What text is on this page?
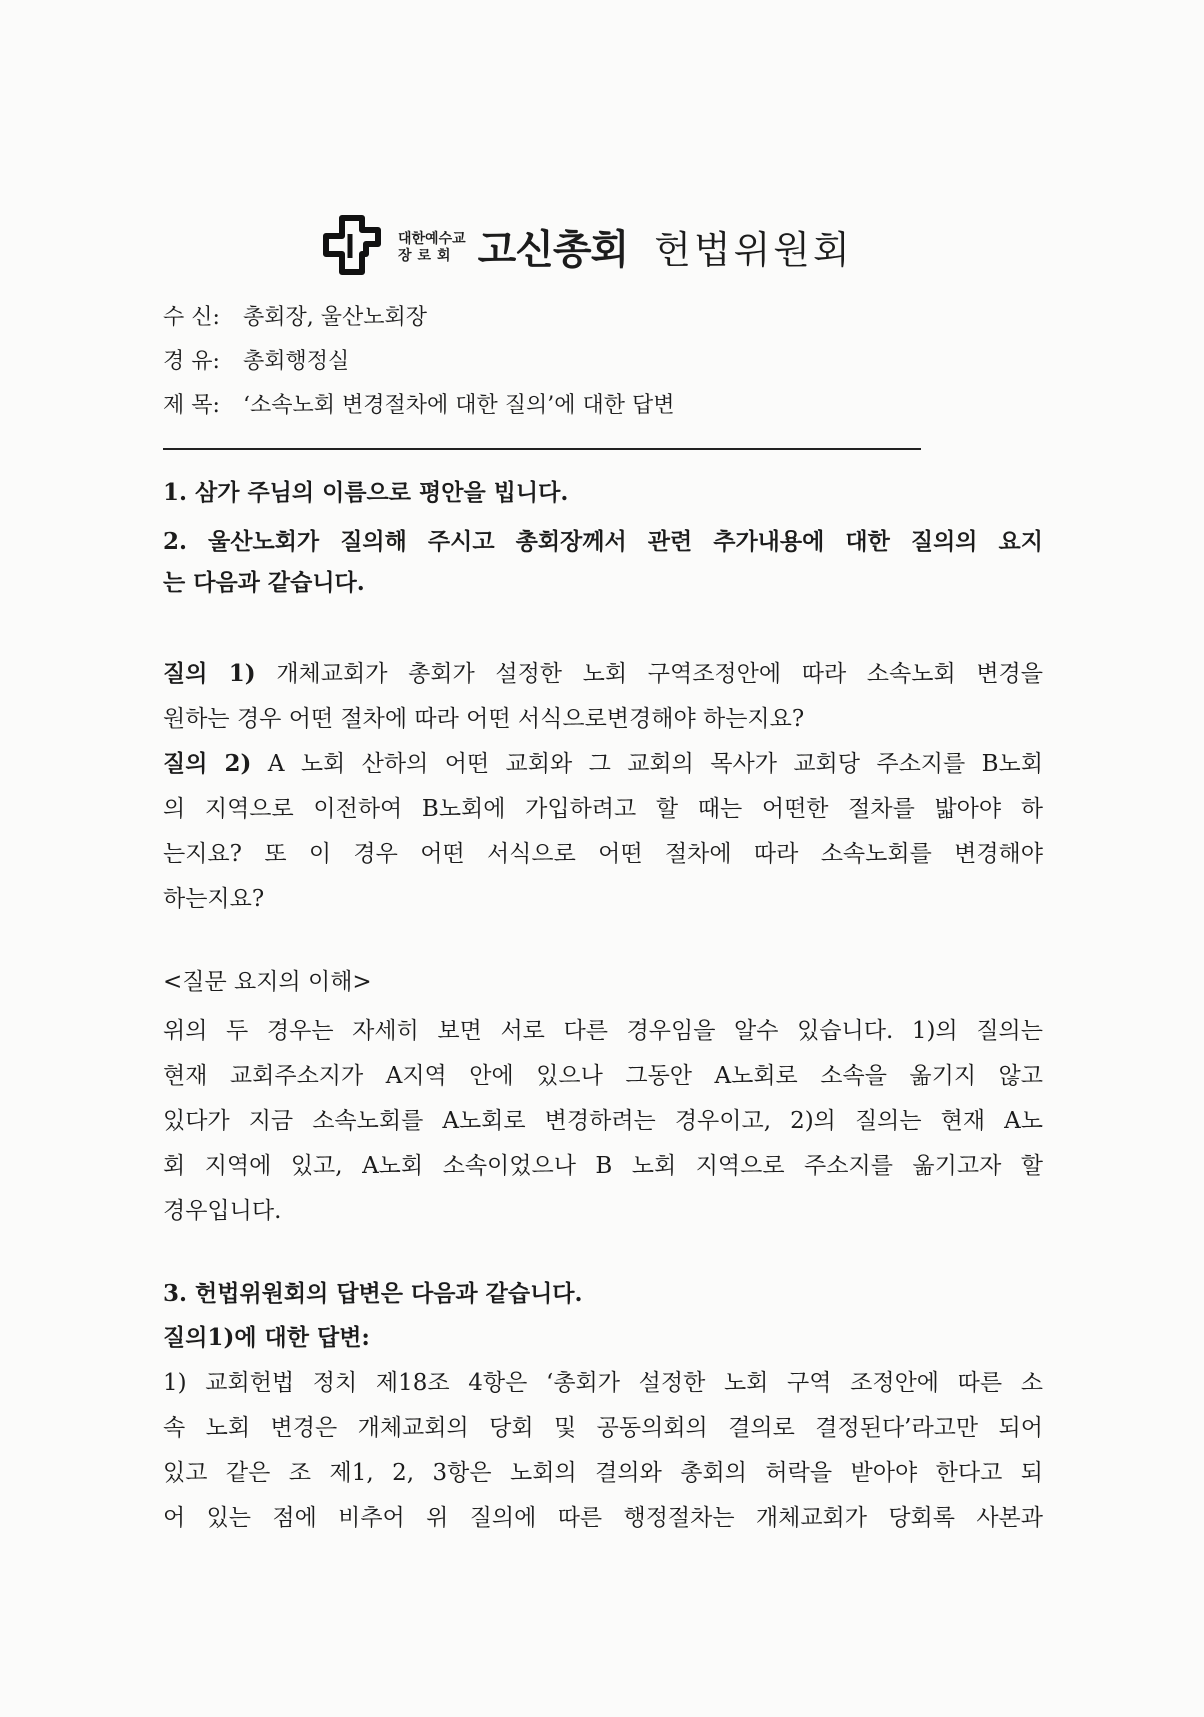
대한예수교
장로회 고신총회 헌법위원회
수 신: 총회장, 울산노회장
경 유: 총회행정실
제 목: ‘소속노회 변경절차에 대한 질의’에 대한 답변
1. 삼가 주님의 이름으로 평안을 빕니다.
2. 울산노회가 질의해 주시고 총회장께서 관련 추가내용에 대한 질의의 요지
는 다음과 같습니다.
질의 1) 개체교회가 총회가 설정한 노회 구역조정안에 따라 소속노회 변경을
원하는 경우 어떤 절차에 따라 어떤 서식으로변경해야 하는지요?
질의 2) A 노회 산하의 어떤 교회와 그 교회의 목사가 교회당 주소지를 B노회
의 지역으로 이전하여 B노회에 가입하려고 할 때는 어떤한 절차를 밟아야 하
는지요? 또 이 경우 어떤 서식으로 어떤 절차에 따라 소속노회를 변경해야
하는지요?
<질문 요지의 이해>
위의 두 경우는 자세히 보면 서로 다른 경우임을 알수 있습니다. 1)의 질의는
현재 교회주소지가 A지역 안에 있으나 그동안 A노회로 소속을 옮기지 않고
있다가 지금 소속노회를 A노회로 변경하려는 경우이고, 2)의 질의는 현재 A노
회 지역에 있고, A노회 소속이었으나 B 노회 지역으로 주소지를 옮기고자 할
경우입니다.
3. 헌법위원회의 답변은 다음과 같습니다.
질의1)에 대한 답변:
1) 교회헌법 정치 제18조 4항은 ‘총회가 설정한 노회 구역 조정안에 따른 소
속 노회 변경은 개체교회의 당회 및 공동의회의 결의로 결정된다’라고만 되어
있고 같은 조 제1, 2, 3항은 노회의 결의와 총회의 허락을 받아야 한다고 되
어 있는 점에 비추어 위 질의에 따른 행정절차는 개체교회가 당회록 사본과
